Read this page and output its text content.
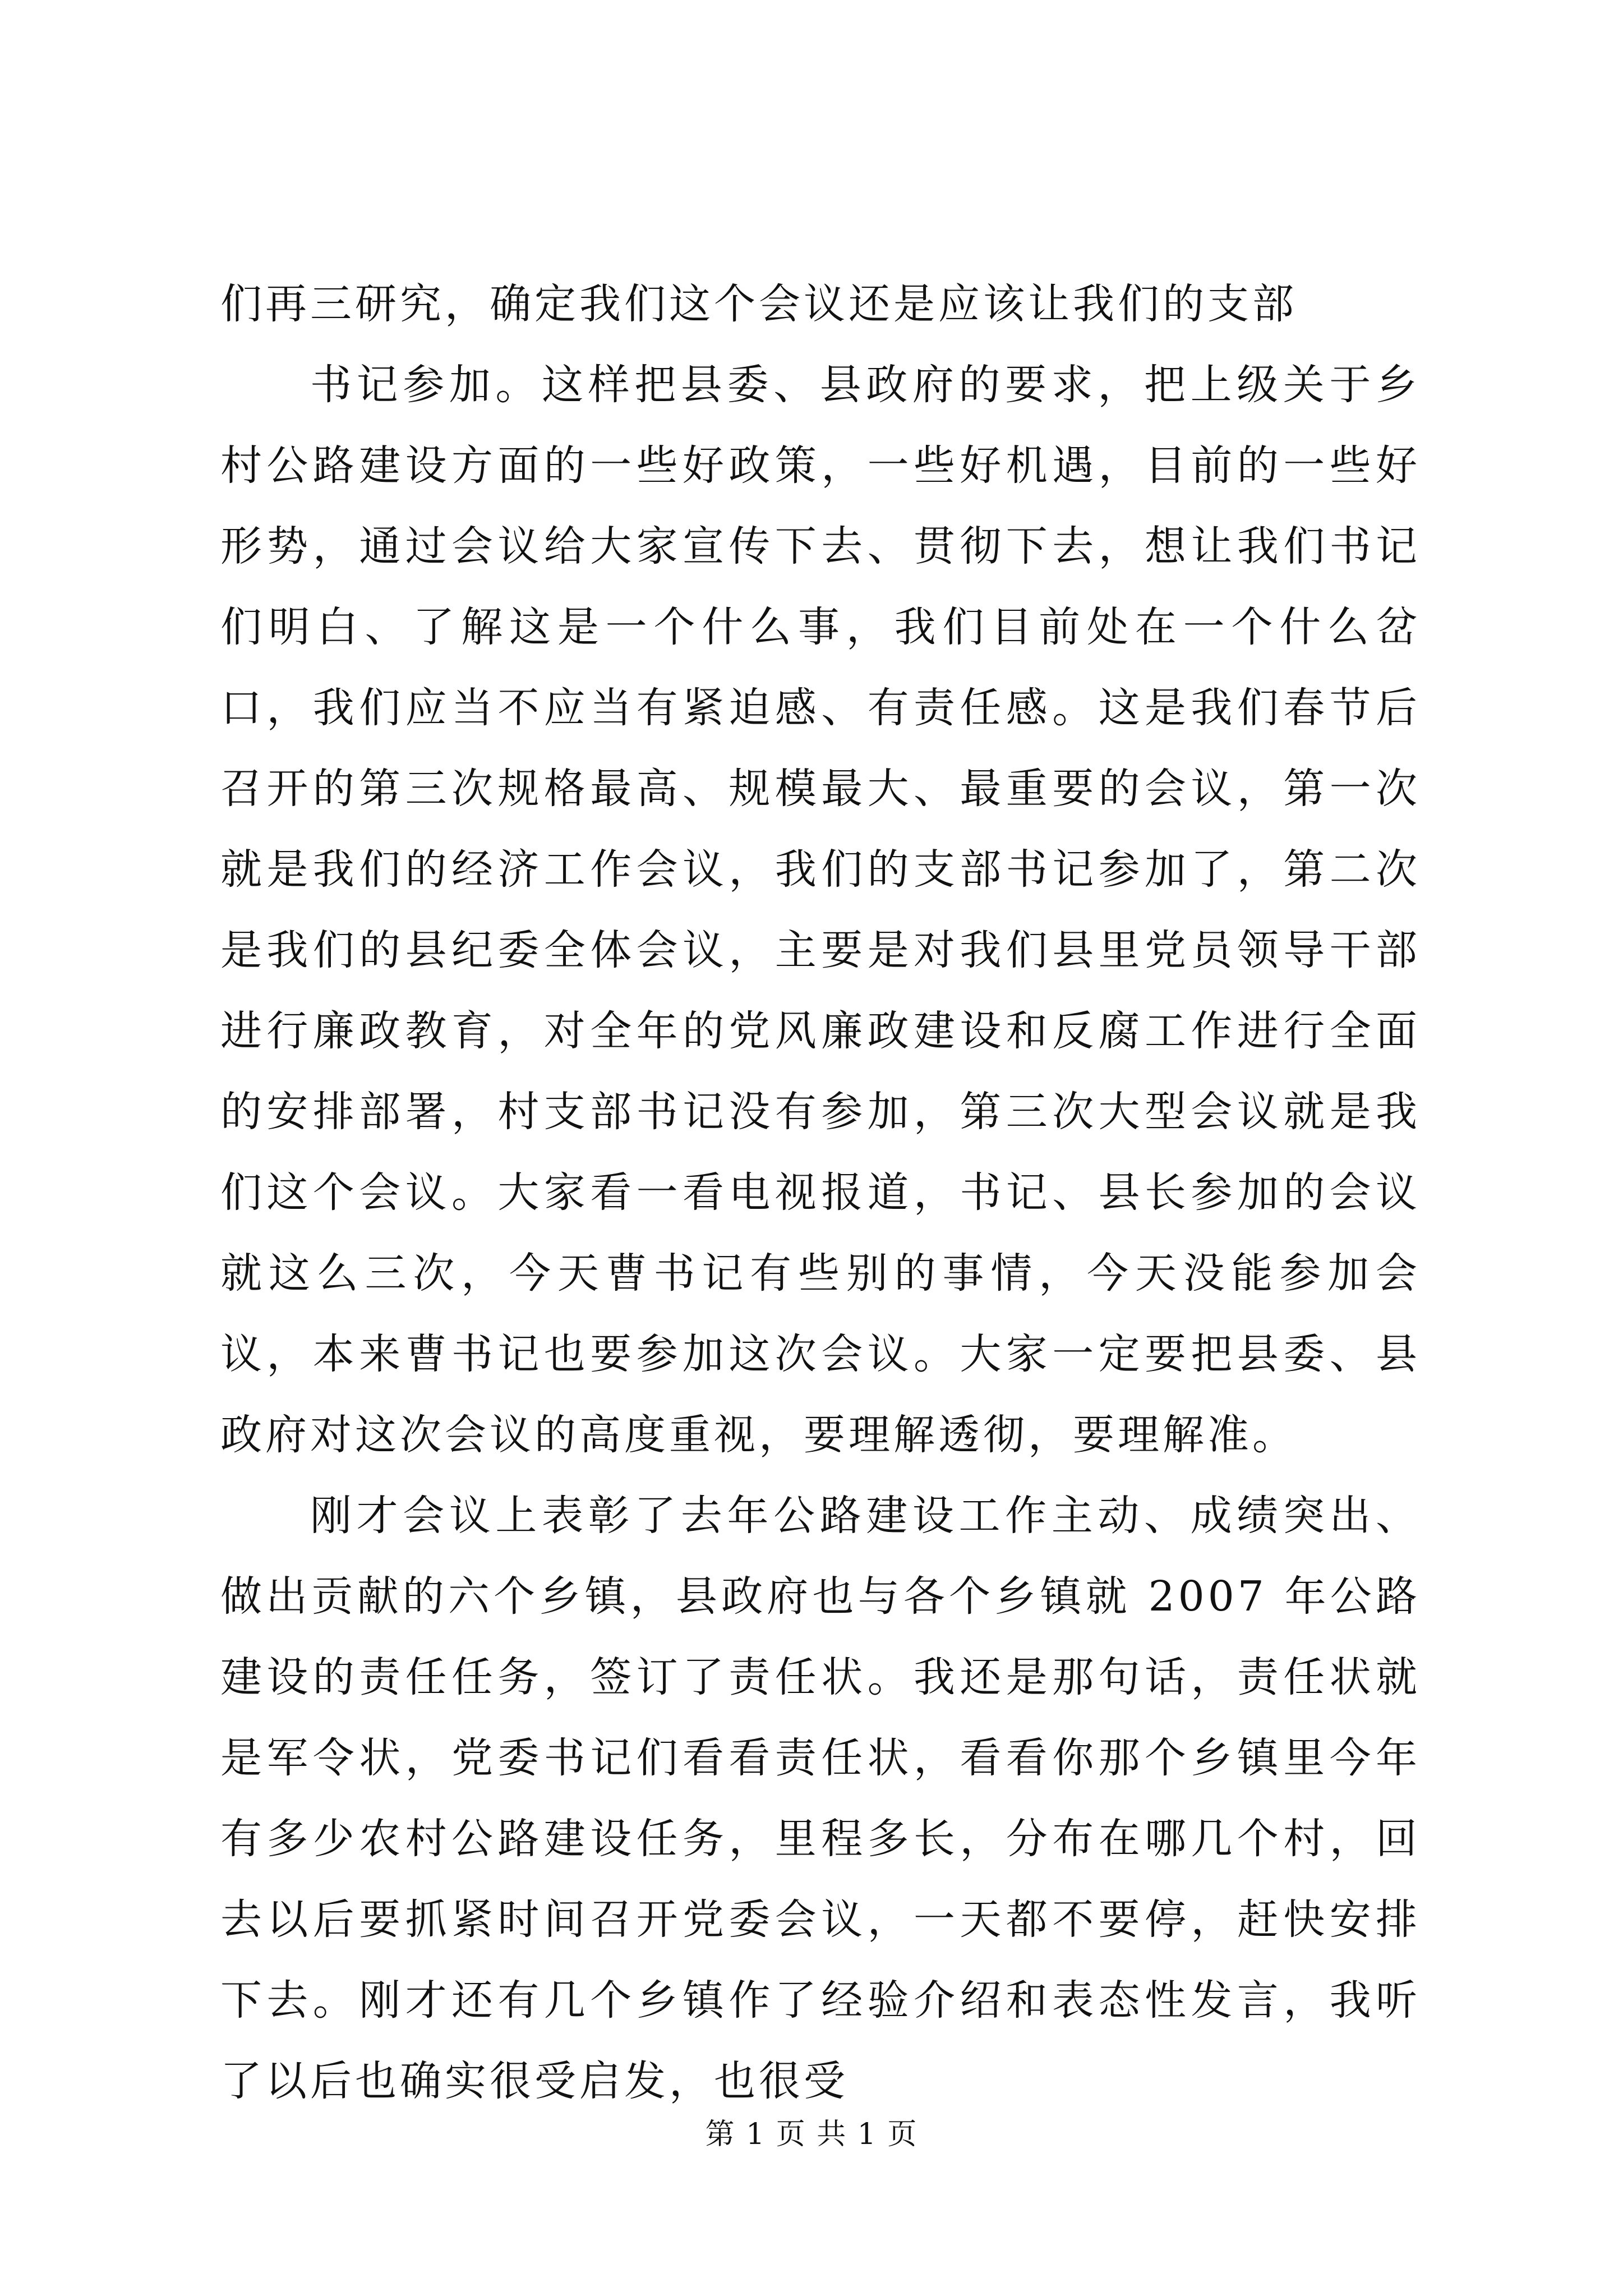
们再三研究，确定我们这个会议还是应该让我们的支部

书记参加。这样把县委、县政府的要求，把上级关于乡村公路建设方面的一些好政策，一些好机遇，目前的一些好形势，通过会议给大家宣传下去、贯彻下去，想让我们书记们明白、了解这是一个什么事，我们目前处在一个什么岔口，我们应当不应当有紧迫感、有责任感。这是我们春节后召开的第三次规格最高、规模最大、最重要的会议，第一次就是我们的经济工作会议，我们的支部书记参加了，第二次是我们的县纪委全体会议，主要是对我们县里党员领导干部进行廉政教育，对全年的党风廉政建设和反腐工作进行全面的安排部署，村支部书记没有参加，第三次大型会议就是我们这个会议。大家看一看电视报道，书记、县长参加的会议就这么三次，今天曹书记有些别的事情，今天没能参加会议，本来曹书记也要参加这次会议。大家一定要把县委、县政府对这次会议的高度重视，要理解透彻，要理解准。

刚才会议上表彰了去年公路建设工作主动、成绩突出、做出贡献的六个乡镇，县政府也与各个乡镇就 2007 年公路建设的责任任务，签订了责任状。我还是那句话，责任状就是军令状，党委书记们看看责任状，看看你那个乡镇里今年有多少农村公路建设任务，里程多长，分布在哪几个村，回去以后要抓紧时间召开党委会议，一天都不要停，赶快安排下去。刚才还有几个乡镇作了经验介绍和表态性发言，我听了以后也确实很受启发，也很受

第 1 页 共 1 页
